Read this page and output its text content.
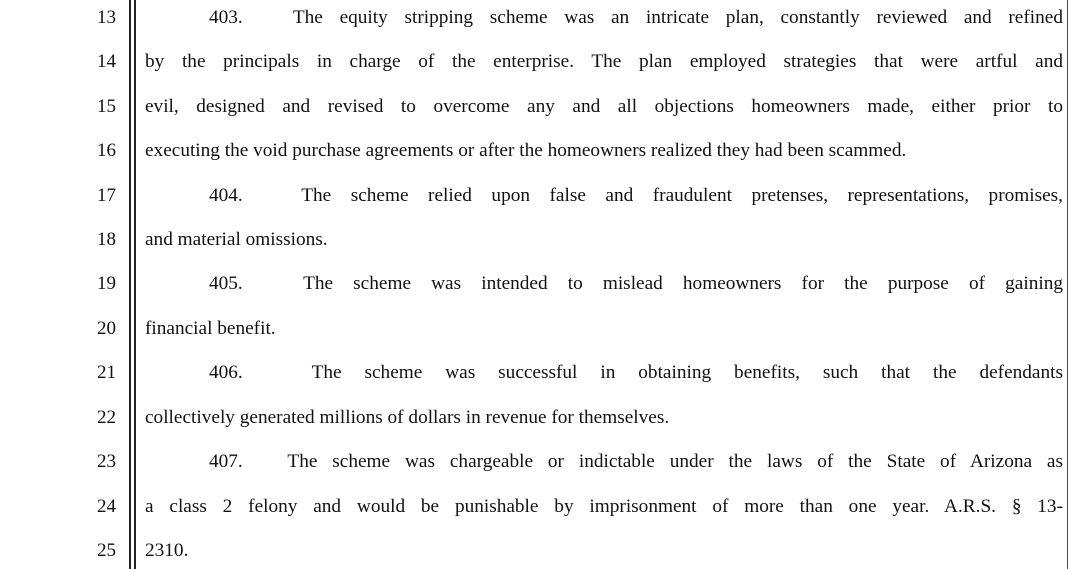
13
14
15
16
17
18
19
20
21
22
23
24
25
403.	The equity stripping scheme was an intricate plan, constantly reviewed and refined
by the principals in charge of the enterprise. The plan employed strategies that were artful and
evil, designed and revised to overcome any and all objections homeowners made, either prior to
executing the void purchase agreements or after the homeowners realized they had been scammed.
404.	The scheme relied upon false and fraudulent pretenses, representations, promises,
and material omissions.
405.	The scheme was intended to mislead homeowners for the purpose of gaining
financial benefit.
406.	The scheme was successful in obtaining benefits, such that the defendants
collectively generated millions of dollars in revenue for themselves.
407. The scheme was chargeable or indictable under the laws of the State of Arizona as
a class 2 felony and would be punishable by imprisonment of more than one year. A.R.S. § 13-
2310.
